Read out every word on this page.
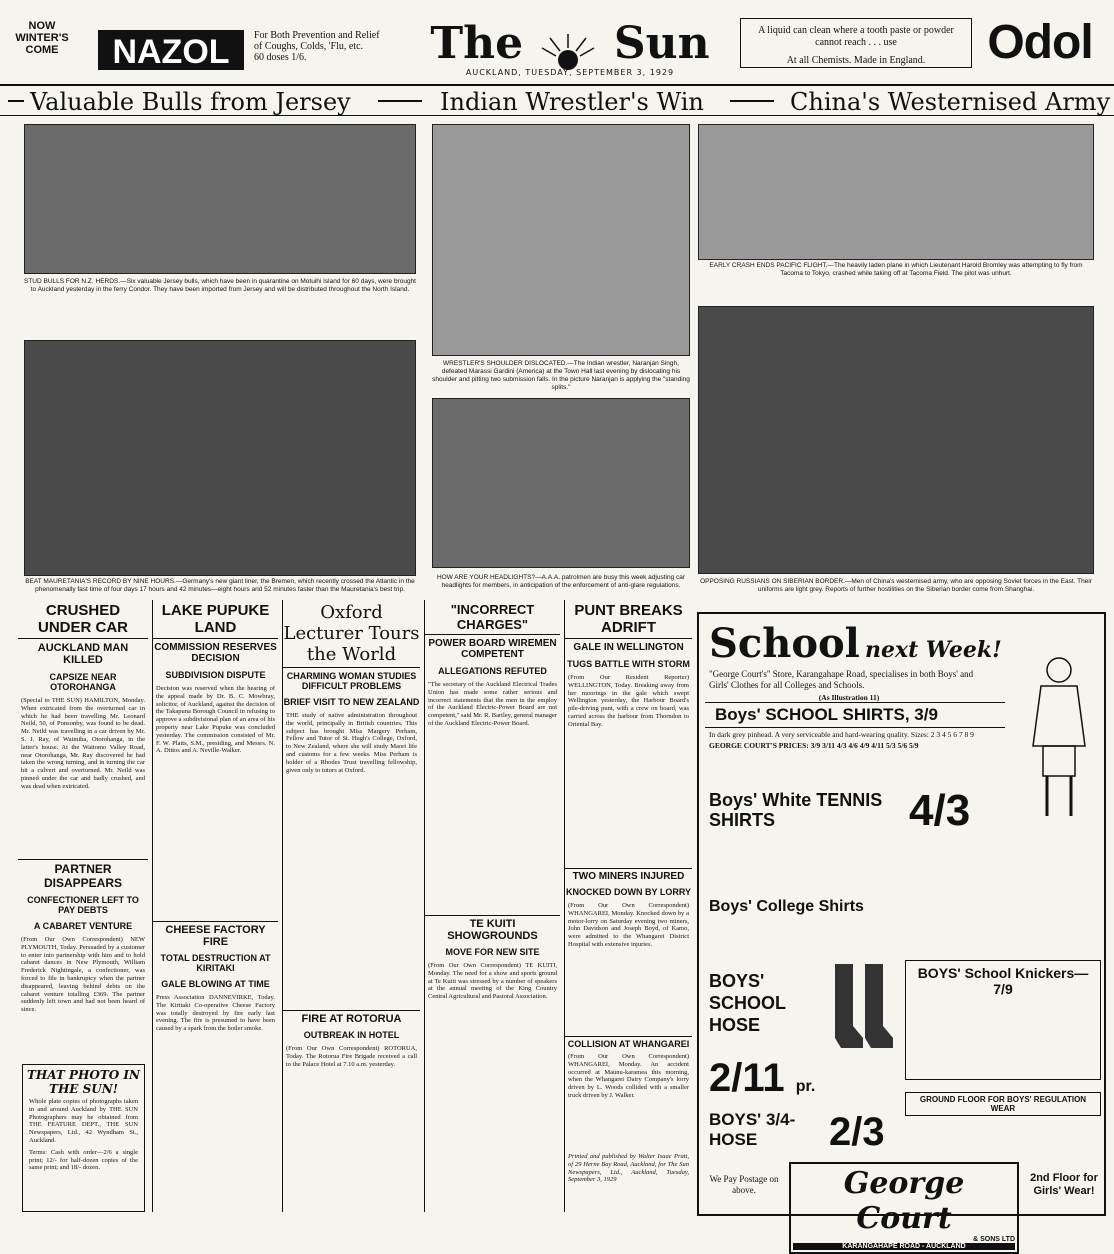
NOW WINTER'S COME	NAZOL	For Both Prevention and Relief of Coughs, Colds, 'Flu, etc.
60 doses 1/6.	The Sun
AUCKLAND, TUESDAY, SEPTEMBER 3, 1929
A liquid can clean where a tooth paste or powder cannot reach . . . use
At all Chemists. Made in England.	Odol
Valuable Bulls from Jersey	Indian Wrestler's Win	China's Westernised Army
STUD BULLS FOR N.Z. HERDS.—Six valuable Jersey bulls, which have been in quarantine on Motuihi Island for 60 days, were brought to Auckland yesterday in the ferry Condor. They have been imported from Jersey and will be distributed throughout the North Island.
BEAT MAURETANIA'S RECORD BY NINE HOURS.—Germany's new giant liner, the Bremen, which recently crossed the Atlantic in the phenomenally fast time of four days 17 hours and 42 minutes—eight hours and 52 minutes faster than the Mauretania's best trip.
WRESTLER'S SHOULDER DISLOCATED.—The Indian wrestler, Naranjan Singh, defeated Marassi Gardini (America) at the Town Hall last evening by dislocating his shoulder and pitting two submission falls. In the picture Naranjan is applying the "standing splits."
HOW ARE YOUR HEADLIGHTS?—A.A.A. patrolmen are busy this week adjusting car headlights for members, in anticipation of the enforcement of anti-glare regulations.
EARLY CRASH ENDS PACIFIC FLIGHT.—The heavily laden plane in which Lieutenant Harold Bromley was attempting to fly from Tacoma to Tokyo, crashed while taking off at Tacoma Field. The pilot was unhurt.
OPPOSING RUSSIANS ON SIBERIAN BORDER.—Men of China's westernised army, who are opposing Soviet forces in the East. Their uniforms are light grey. Reports of further hostilities on the Siberian border come from Shanghai.
CRUSHED UNDER CAR
AUCKLAND MAN KILLED
CAPSIZE NEAR OTOROHANGA
(Special to THE SUN) HAMILTON, Monday. When extricated from the overturned car in which he had been travelling Mr. Leonard Neild, 50, of Ponsonby, was found to be dead. Mr. Neild was travelling in a car driven by Mr. S. J. Ray, of Waimiha, Otorohanga, in the latter's house. At the Waitomo Valley Road, near Otorohanga, Mr. Ray discovered he had taken the wrong turning, and in turning the car hit a culvert and overturned. Mr. Neild was pinned under the car and badly crushed, and was dead when extricated.
PARTNER DISAPPEARS
CONFECTIONER LEFT TO PAY DEBTS
A CABARET VENTURE
(From Our Own Correspondent) NEW PLYMOUTH, Today. Persuaded by a customer to enter into partnership with him and to hold cabaret dances in New Plymouth, William Frederick Nightingale, a confectioner, was forced to file in bankruptcy when the partner disappeared, leaving behind debts on the cabaret venture totalling £369. The partner suddenly left town and had not been heard of since.
THAT PHOTO IN THE SUN!
Whole plate copies of photographs taken in and around Auckland by THE SUN Photographers may be obtained from THE FEATURE DEPT., THE SUN Newspapers, Ltd., 42 Wyndham St., Auckland.
Terms: Cash with order—2/6 a single print; 12/- for half-dozen copies of the same print; and 18/- dozen.
LAKE PUPUKE LAND
COMMISSION RESERVES DECISION
SUBDIVISION DISPUTE
Decision was reserved when the hearing of the appeal made by Dr. B. C. Mowbray, solicitor, of Auckland, against the decision of the Takapuna Borough Council in refusing to approve a subdivisional plan of an area of his property near Lake Pupuke was concluded yesterday. The commission consisted of Mr. F. W. Platts, S.M., presiding, and Messrs. N. A. Dittos and A. Neville-Walker.
CHEESE FACTORY FIRE
TOTAL DESTRUCTION AT KIRITAKI
GALE BLOWING AT TIME
Press Association DANNEVIRKE, Today. The Kiritaki Co-operative Cheese Factory was totally destroyed by fire early last evening. The fire is presumed to have been caused by a spark from the boiler smoke.
Oxford Lecturer Tours the World
CHARMING WOMAN STUDIES DIFFICULT PROBLEMS
BRIEF VISIT TO NEW ZEALAND
THE study of native administration throughout the world, principally in British countries. This subject has brought Miss Margery Perham, Fellow and Tutor of St. Hugh's College, Oxford, to New Zealand, where she will study Maori life and customs for a few weeks. Miss Perham is holder of a Rhodes Trust travelling fellowship, given only to tutors at Oxford.
FIRE AT ROTORUA
OUTBREAK IN HOTEL
(From Our Own Correspondent) ROTORUA, Today. The Rotorua Fire Brigade received a call to the Palace Hotel at 7.10 a.m. yesterday.
"INCORRECT CHARGES"
POWER BOARD WIREMEN COMPETENT
ALLEGATIONS REFUTED
"The secretary of the Auckland Electrical Trades Union has made some rather serious and incorrect statements that the men in the employ of the Auckland Electric-Power Board are not competent," said Mr. R. Bartley, general manager of the Auckland Electric-Power Board.
TE KUITI SHOWGROUNDS
MOVE FOR NEW SITE
(From Our Own Correspondent) TE KUITI, Monday. The need for a show and sports ground at Te Kuiti was stressed by a number of speakers at the annual meeting of the King Country Central Agricultural and Pastoral Association.
PUNT BREAKS ADRIFT
GALE IN WELLINGTON
TUGS BATTLE WITH STORM
(From Our Resident Reporter) WELLINGTON, Today. Breaking away from her moorings in the gale which swept Wellington yesterday, the Harbour Board's pile-driving punt, with a crew on board, was carried across the harbour from Thorndon to Oriental Bay.
TWO MINERS INJURED
KNOCKED DOWN BY LORRY
(From Our Own Correspondent) WHANGAREI, Monday. Knocked down by a motor-lorry on Saturday evening two miners, John Davidson and Joseph Boyd, of Kamo, were admitted to the Whangarei District Hospital with extensive injuries.
COLLISION AT WHANGAREI
(From Our Own Correspondent) WHANGAREI, Monday. An accident occurred at Maunu-karamea this morning, when the Whangarei Dairy Company's lorry driven by L. Woods collided with a smaller truck driven by J. Walker.
Printed and published by Walter Isaac Pratt, of 29 Herne Bay Road, Auckland, for The Sun Newspapers, Ltd., Auckland, Tuesday, September 3, 1929
School next Week!
"George Court's" Store, Karangahape Road, specialises in both Boys' and Girls' Clothes for all Colleges and Schools.
(As Illustration 11)
Boys' SCHOOL SHIRTS, 3/9
In dark grey pinhead. A very serviceable and hard-wearing quality. Sizes: 2 3 4 5 6 7 8 9
GEORGE COURT'S PRICES: 3/9 3/11 4/3 4/6 4/9 4/11 5/3 5/6 5/9
Boys' White TENNIS SHIRTS	4/3
Boys' College Shirts
BOYS' School Knickers—7/9
BOYS' SCHOOL HOSE
2/11 pr.
BOYS' 3/4-HOSE	2/3
GROUND FLOOR FOR BOYS' REGULATION WEAR
We Pay Postage on above.	George Court
& SONS LTD
KARANGAHAPE ROAD - AUCKLAND
2nd Floor for Girls' Wear!
